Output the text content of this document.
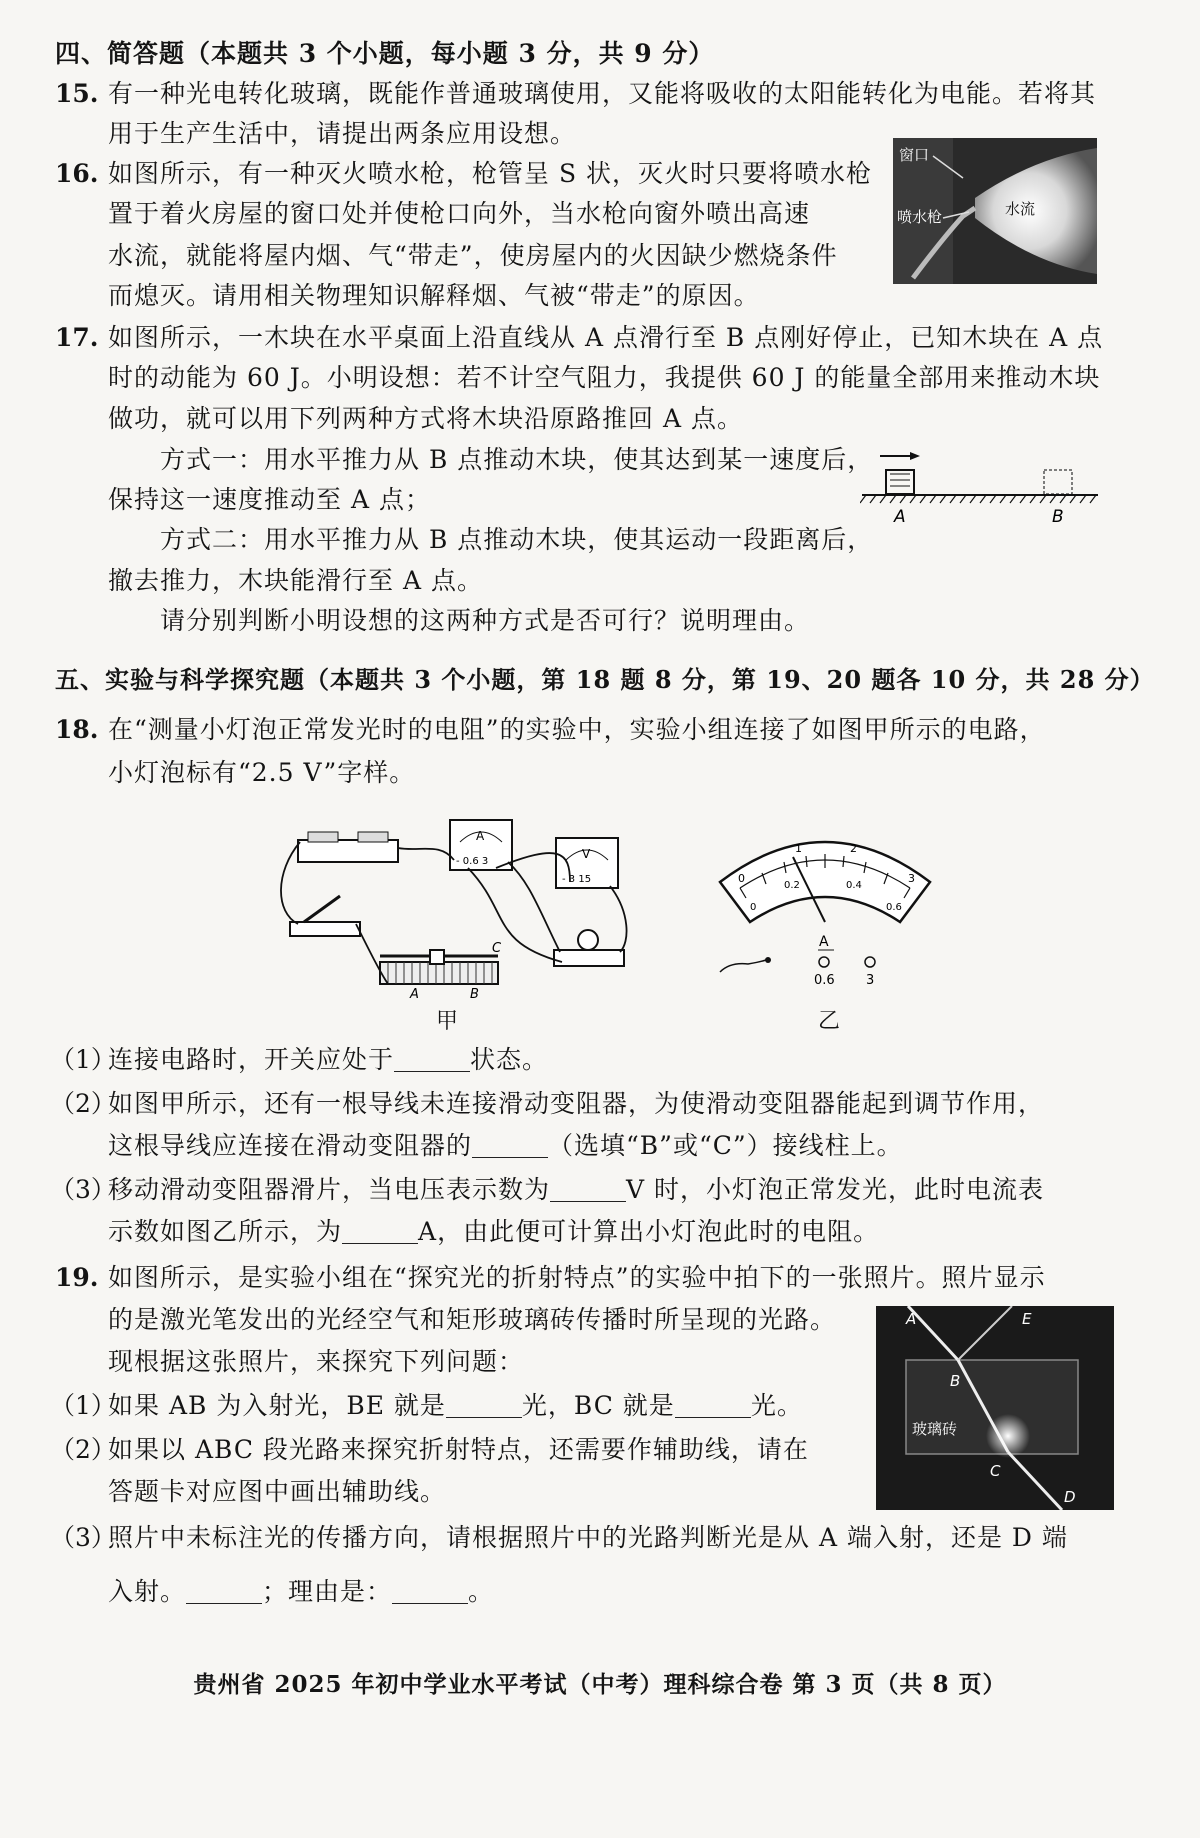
四、简答题（本题共 3 个小题，每小题 3 分，共 9 分）
15. 有一种光电转化玻璃，既能作普通玻璃使用，又能将吸收的太阳能转化为电能。若将其
用于生产生活中，请提出两条应用设想。
16. 如图所示，有一种灭火喷水枪，枪管呈 S 状，灭火时只要将喷水枪
置于着火房屋的窗口处并使枪口向外，当水枪向窗外喷出高速
水流，就能将屋内烟、气“带走”，使房屋内的火因缺少燃烧条件
而熄灭。请用相关物理知识解释烟、气被“带走”的原因。
窗口
喷水枪	水流
17. 如图所示，一木块在水平桌面上沿直线从 A 点滑行至 B 点刚好停止，已知木块在 A 点
时的动能为 60 J。小明设想：若不计空气阻力，我提供 60 J 的能量全部用来推动木块
做功，就可以用下列两种方式将木块沿原路推回 A 点。
方式一：用水平推力从 B 点推动木块，使其达到某一速度后，
保持这一速度推动至 A 点；
方式二：用水平推力从 B 点推动木块，使其运动一段距离后，
撤去推力，木块能滑行至 A 点。
请分别判断小明设想的这两种方式是否可行？说明理由。
A	B
五、实验与科学探究题（本题共 3 个小题，第 18 题 8 分，第 19、20 题各 10 分，共 28 分）
18. 在“测量小灯泡正常发光时的电阻”的实验中，实验小组连接了如图甲所示的电路，
小灯泡标有“2.5 V”字样。
A
- 0.6 3
V
- 3 15
C
A	B
甲
0
1	2
3
0
0.2	0.4
0.6
A
0.6 3
乙
（1）
连接电路时，开关应处于	状态。
（2）
如图甲所示，还有一根导线未连接滑动变阻器，为使滑动变阻器能起到调节作用，
这根导线应连接在滑动变阻器的	（选填“B”或“C”）接线柱上。
（3）
移动滑动变阻器滑片，当电压表示数为	V 时，小灯泡正常发光，此时电流表
示数如图乙所示，为	A，由此便可计算出小灯泡此时的电阻。
19. 如图所示，是实验小组在“探究光的折射特点”的实验中拍下的一张照片。照片显示
的是激光笔发出的光经空气和矩形玻璃砖传播时所呈现的光路。
现根据这张照片，来探究下列问题：
（1）
如果 AB 为入射光，BE 就是	光，BC 就是	光。
（2）
如果以 ABC 段光路来探究折射特点，还需要作辅助线，请在
答题卡对应图中画出辅助线。
（3）
照片中未标注光的传播方向，请根据照片中的光路判断光是从 A 端入射，还是 D 端
入射。	；理由是：	。
A	E
B
C
D
玻璃砖
贵州省 2025 年初中学业水平考试（中考）理科综合卷 第 3 页（共 8 页）
